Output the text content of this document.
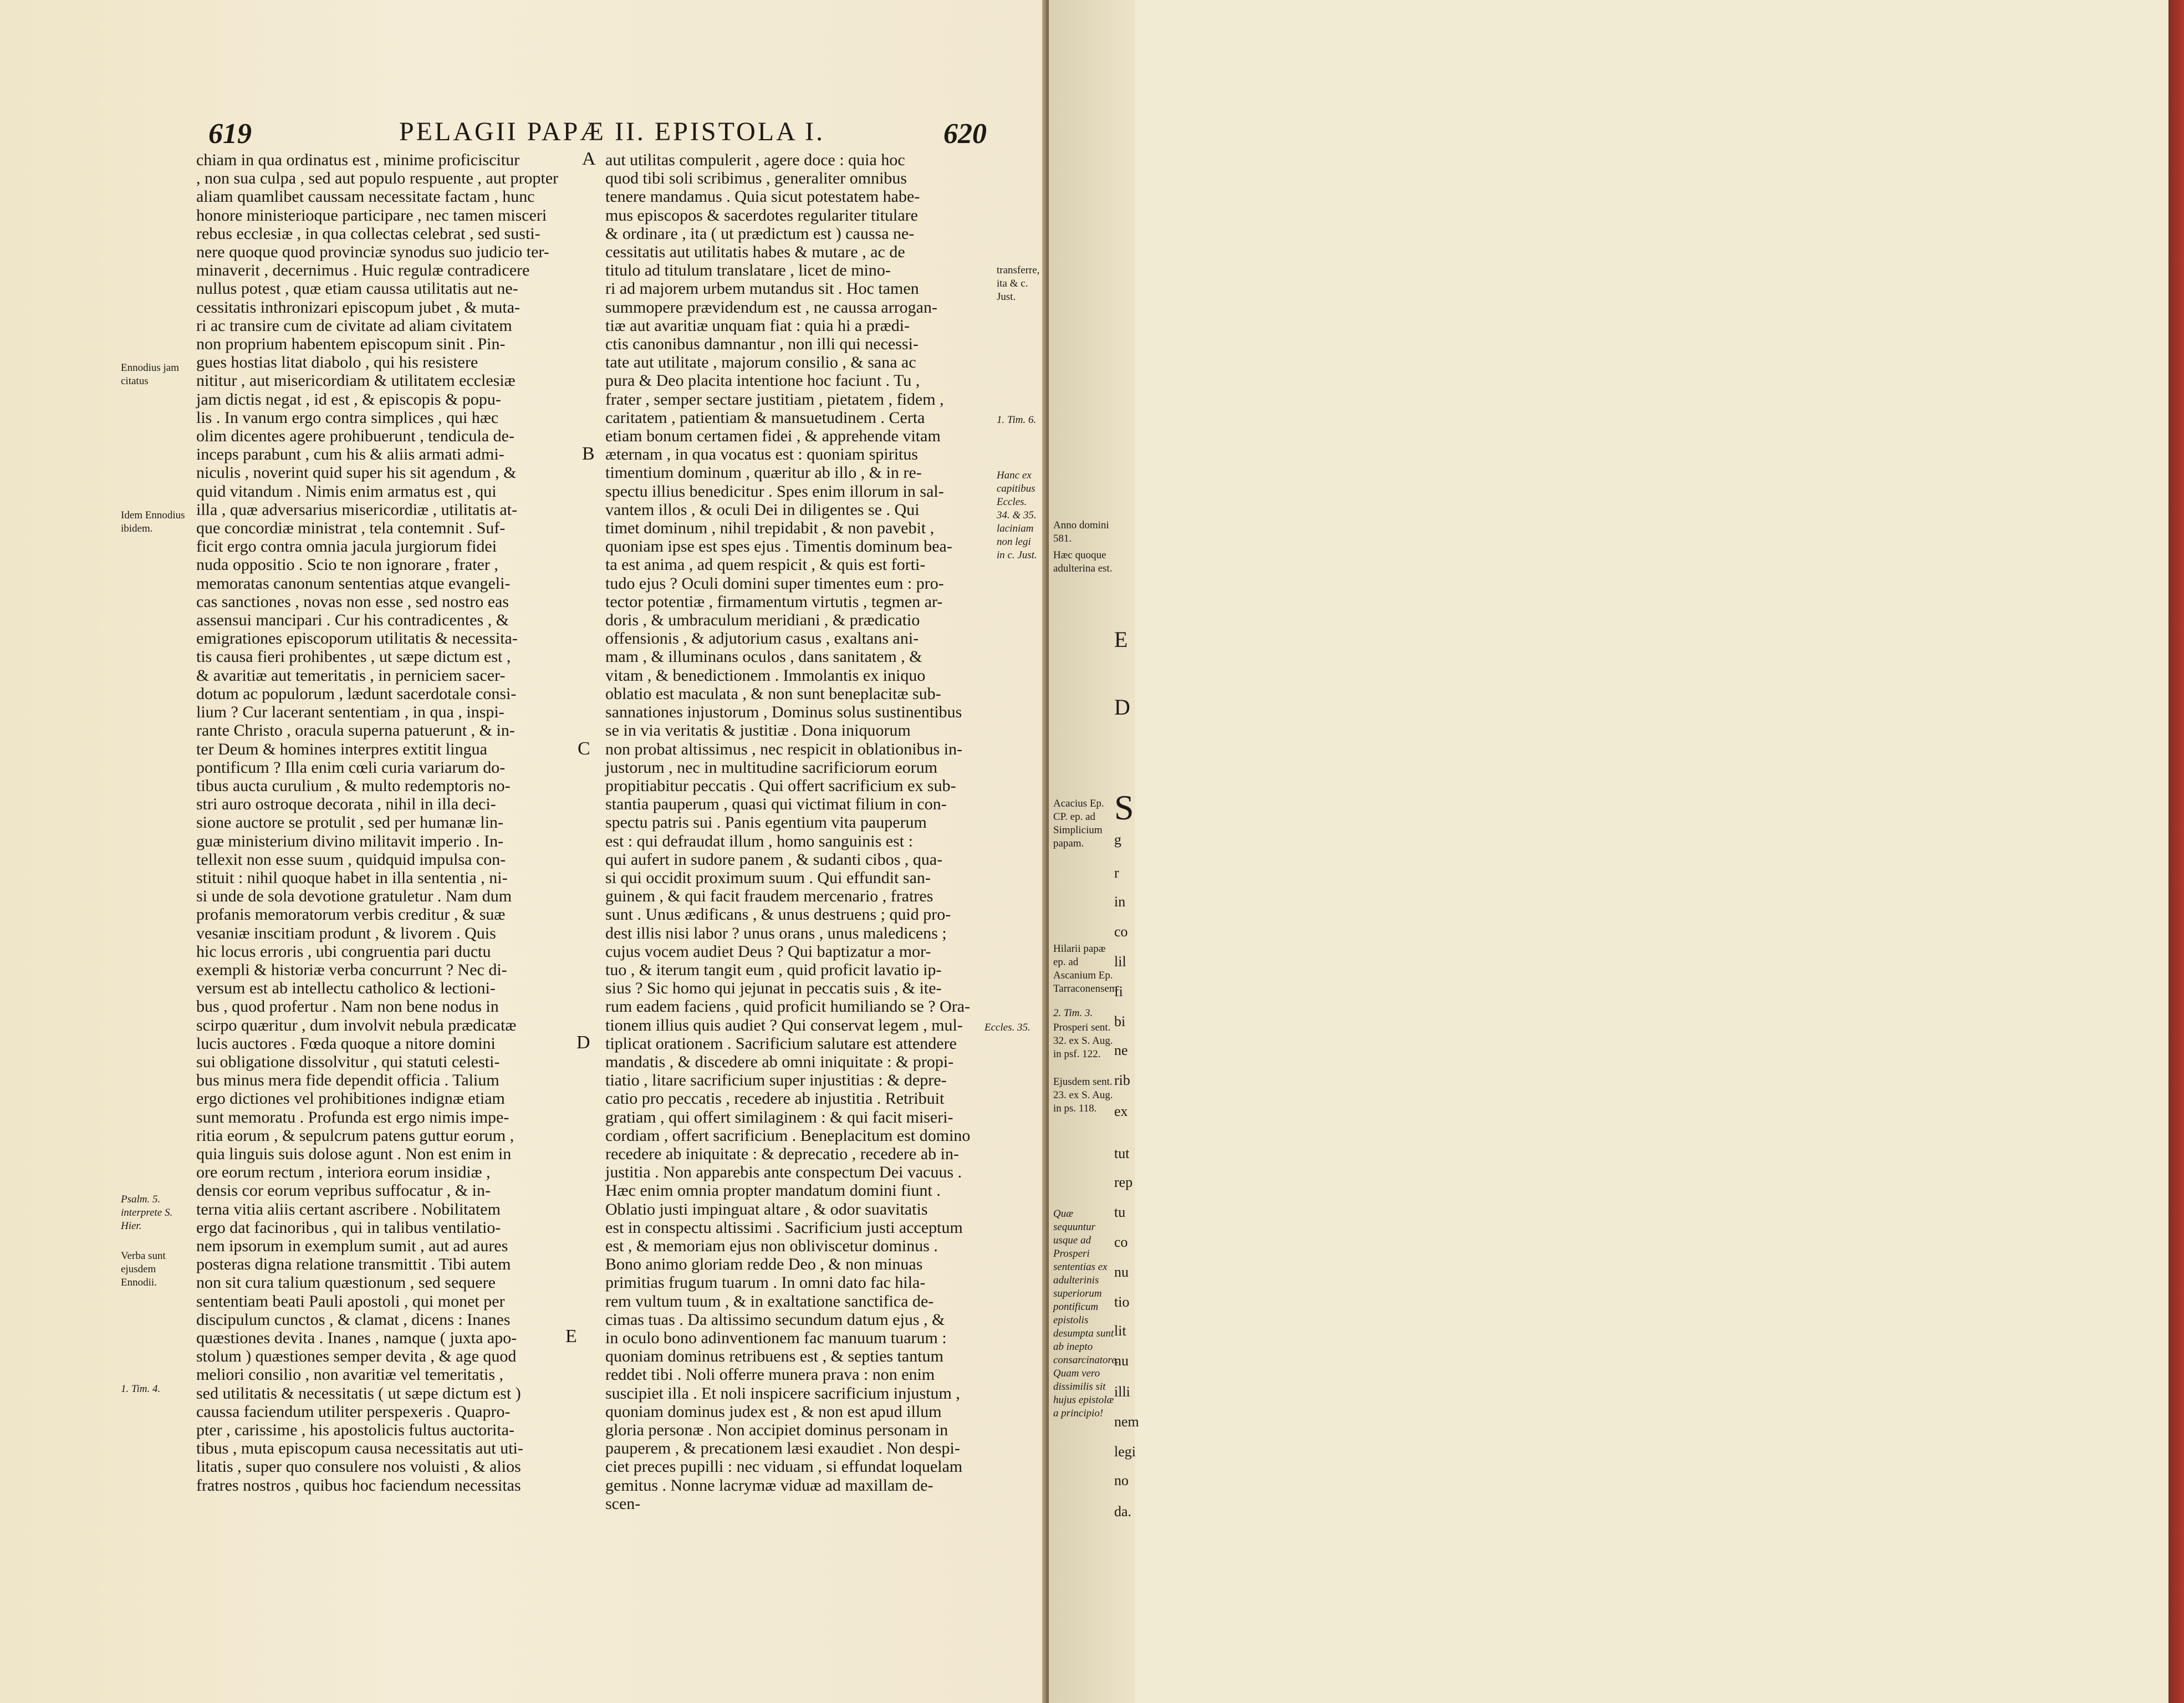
619	PELAGII PAPÆ II. EPISTOLA I.	620

chiam in qua ordinatus est , minime proficiscitur

, non sua culpa , sed aut populo respuente , aut propter

aliam quamlibet caussam necessitate factam , hunc

honore ministerioque participare , nec tamen misceri

rebus ecclesiæ , in qua collectas celebrat , sed susti-

nere quoque quod provinciæ synodus suo judicio ter-

minaverit , decernimus . Huic regulæ contradicere

nullus potest , quæ etiam caussa utilitatis aut ne-

cessitatis inthronizari episcopum jubet , & muta-

ri ac transire cum de civitate ad aliam civitatem

non proprium habentem episcopum sinit . Pin-

gues hostias litat diabolo , qui his resistere

nititur , aut misericordiam & utilitatem ecclesiæ

jam dictis negat , id est , & episcopis & popu-

lis . In vanum ergo contra simplices , qui hæc

olim dicentes agere prohibuerunt , tendicula de-

inceps parabunt , cum his & aliis armati admi-

niculis , noverint quid super his sit agendum , &

quid vitandum . Nimis enim armatus est , qui

illa , quæ adversarius misericordiæ , utilitatis at-

que concordiæ ministrat , tela contemnit . Suf-

ficit ergo contra omnia jacula jurgiorum fidei

nuda oppositio . Scio te non ignorare , frater ,

memoratas canonum sententias atque evangeli-

cas sanctiones , novas non esse , sed nostro eas

assensui mancipari . Cur his contradicentes , &

emigrationes episcoporum utilitatis & necessita-

tis causa fieri prohibentes , ut sæpe dictum est ,

& avaritiæ aut temeritatis , in perniciem sacer-

dotum ac populorum , lædunt sacerdotale consi-

lium ? Cur lacerant sententiam , in qua , inspi-

rante Christo , oracula superna patuerunt , & in-

ter Deum & homines interpres extitit lingua

pontificum ? Illa enim cœli curia variarum do-

tibus aucta curulium , & multo redemptoris no-

stri auro ostroque decorata , nihil in illa deci-

sione auctore se protulit , sed per humanæ lin-

guæ ministerium divino militavit imperio . In-

tellexit non esse suum , quidquid impulsa con-

stituit : nihil quoque habet in illa sententia , ni-

si unde de sola devotione gratuletur . Nam dum

profanis memoratorum verbis creditur , & suæ

vesaniæ inscitiam produnt , & livorem . Quis

hic locus erroris , ubi congruentia pari ductu

exempli & historiæ verba concurrunt ? Nec di-

versum est ab intellectu catholico & lectioni-

bus , quod profertur . Nam non bene nodus in

scirpo quæritur , dum involvit nebula prædicatæ

lucis auctores . Fœda quoque a nitore domini

sui obligatione dissolvitur , qui statuti celesti-

bus minus mera fide dependit officia . Talium

ergo dictiones vel prohibitiones indignæ etiam

sunt memoratu . Profunda est ergo nimis impe-

ritia eorum , & sepulcrum patens guttur eorum ,

quia linguis suis dolose agunt . Non est enim in

ore eorum rectum , interiora eorum insidiæ ,

densis cor eorum vepribus suffocatur , & in-

terna vitia aliis certant ascribere . Nobilitatem

ergo dat facinoribus , qui in talibus ventilatio-

nem ipsorum in exemplum sumit , aut ad aures

posteras digna relatione transmittit . Tibi autem

non sit cura talium quæstionum , sed sequere

sententiam beati Pauli apostoli , qui monet per

discipulum cunctos , & clamat , dicens : Inanes

quæstiones devita . Inanes , namque ( juxta apo-

stolum ) quæstiones semper devita , & age quod

meliori consilio , non avaritiæ vel temeritatis ,

sed utilitatis & necessitatis ( ut sæpe dictum est )

caussa faciendum utiliter perspexeris . Quapro-

pter , carissime , his apostolicis fultus auctorita-

tibus , muta episcopum causa necessitatis aut uti-

litatis , super quo consulere nos voluisti , & alios

fratres nostros , quibus hoc faciendum necessitas

aut utilitas compulerit , agere doce : quia hoc

quod tibi soli scribimus , generaliter omnibus

tenere mandamus . Quia sicut potestatem habe-

mus episcopos & sacerdotes regulariter titulare

& ordinare , ita ( ut prædictum est ) caussa ne-

cessitatis aut utilitatis habes & mutare , ac de

titulo ad titulum translatare , licet de mino-

ri ad majorem urbem mutandus sit . Hoc tamen

summopere prævidendum est , ne caussa arrogan-

tiæ aut avaritiæ unquam fiat : quia hi a prædi-

ctis canonibus damnantur , non illi qui necessi-

tate aut utilitate , majorum consilio , & sana ac

pura & Deo placita intentione hoc faciunt . Tu ,

frater , semper sectare justitiam , pietatem , fidem ,

caritatem , patientiam & mansuetudinem . Certa

etiam bonum certamen fidei , & apprehende vitam

æternam , in qua vocatus est : quoniam spiritus

timentium dominum , quæritur ab illo , & in re-

spectu illius benedicitur . Spes enim illorum in sal-

vantem illos , & oculi Dei in diligentes se . Qui

timet dominum , nihil trepidabit , & non pavebit ,

quoniam ipse est spes ejus . Timentis dominum bea-

ta est anima , ad quem respicit , & quis est forti-

tudo ejus ? Oculi domini super timentes eum : pro-

tector potentiæ , firmamentum virtutis , tegmen ar-

doris , & umbraculum meridiani , & prædicatio

offensionis , & adjutorium casus , exaltans ani-

mam , & illuminans oculos , dans sanitatem , &

vitam , & benedictionem . Immolantis ex iniquo

oblatio est maculata , & non sunt beneplacitæ sub-

sannationes injustorum , Dominus solus sustinentibus

se in via veritatis & justitiæ . Dona iniquorum

non probat altissimus , nec respicit in oblationibus in-

justorum , nec in multitudine sacrificiorum eorum

propitiabitur peccatis . Qui offert sacrificium ex sub-

stantia pauperum , quasi qui victimat filium in con-

spectu patris sui . Panis egentium vita pauperum

est : qui defraudat illum , homo sanguinis est :

qui aufert in sudore panem , & sudanti cibos , qua-

si qui occidit proximum suum . Qui effundit san-

guinem , & qui facit fraudem mercenario , fratres

sunt . Unus ædificans , & unus destruens ; quid pro-

dest illis nisi labor ? unus orans , unus maledicens ;

cujus vocem audiet Deus ? Qui baptizatur a mor-

tuo , & iterum tangit eum , quid proficit lavatio ip-

sius ? Sic homo qui jejunat in peccatis suis , & ite-

rum eadem faciens , quid proficit humiliando se ? Ora-

tionem illius quis audiet ? Qui conservat legem , mul-

tiplicat orationem . Sacrificium salutare est attendere

mandatis , & discedere ab omni iniquitate : & propi-

tiatio , litare sacrificium super injustitias : & depre-

catio pro peccatis , recedere ab injustitia . Retribuit

gratiam , qui offert similaginem : & qui facit miseri-

cordiam , offert sacrificium . Beneplacitum est domino

recedere ab iniquitate : & deprecatio , recedere ab in-

justitia . Non apparebis ante conspectum Dei vacuus .

Hæc enim omnia propter mandatum domini fiunt .

Oblatio justi impinguat altare , & odor suavitatis

est in conspectu altissimi . Sacrificium justi acceptum

est , & memoriam ejus non obliviscetur dominus .

Bono animo gloriam redde Deo , & non minuas

primitias frugum tuarum . In omni dato fac hila-

rem vultum tuum , & in exaltatione sanctifica de-

cimas tuas . Da altissimo secundum datum ejus , &

in oculo bono adinventionem fac manuum tuarum :

quoniam dominus retribuens est , & septies tantum

reddet tibi . Noli offerre munera prava : non enim

suscipiet illa . Et noli inspicere sacrificium injustum ,

quoniam dominus judex est , & non est apud illum

gloria personæ . Non accipiet dominus personam in

pauperem , & precationem læsi exaudiet . Non despi-

ciet preces pupilli : nec viduam , si effundat loquelam

gemitus . Nonne lacrymæ viduæ ad maxillam de-

scen-

A
B
C
D
E
Ennodius jam citatus
Idem Ennodius ibidem.
Psalm. 5. interprete S. Hier.
Verba sunt ejusdem Ennodii.
1. Tim. 4.
transferre, ita & c. Just.
1. Tim. 6.
Hanc ex capitibus Eccles. 34. & 35. laciniam non legi in c. Just.
Eccles. 35.
Anno domini 581.
Hæc quoque adulterina est.
Acacius Ep. CP. ep. ad Simplicium papam.
Hilarii papæ ep. ad Ascanium Ep. Tarraconensem
2. Tim. 3.
Prosperi sent. 32. ex S. Aug. in psf. 122.
Ejusdem sent. 23. ex S. Aug. in ps. 118.
Quæ sequuntur usque ad Prosperi sententias ex adulterinis superiorum pontificum epistolis desumpta sunt ab inepto consarcinatore. Quam vero dissimilis sit hujus epistolæ a principio!
E
D
S
g
r
in
co
lil
fi
bi
ne
rib
ex
tut
rep
tu
co
nu
tio
lit
nu
illi
nem
legi
no
da.
